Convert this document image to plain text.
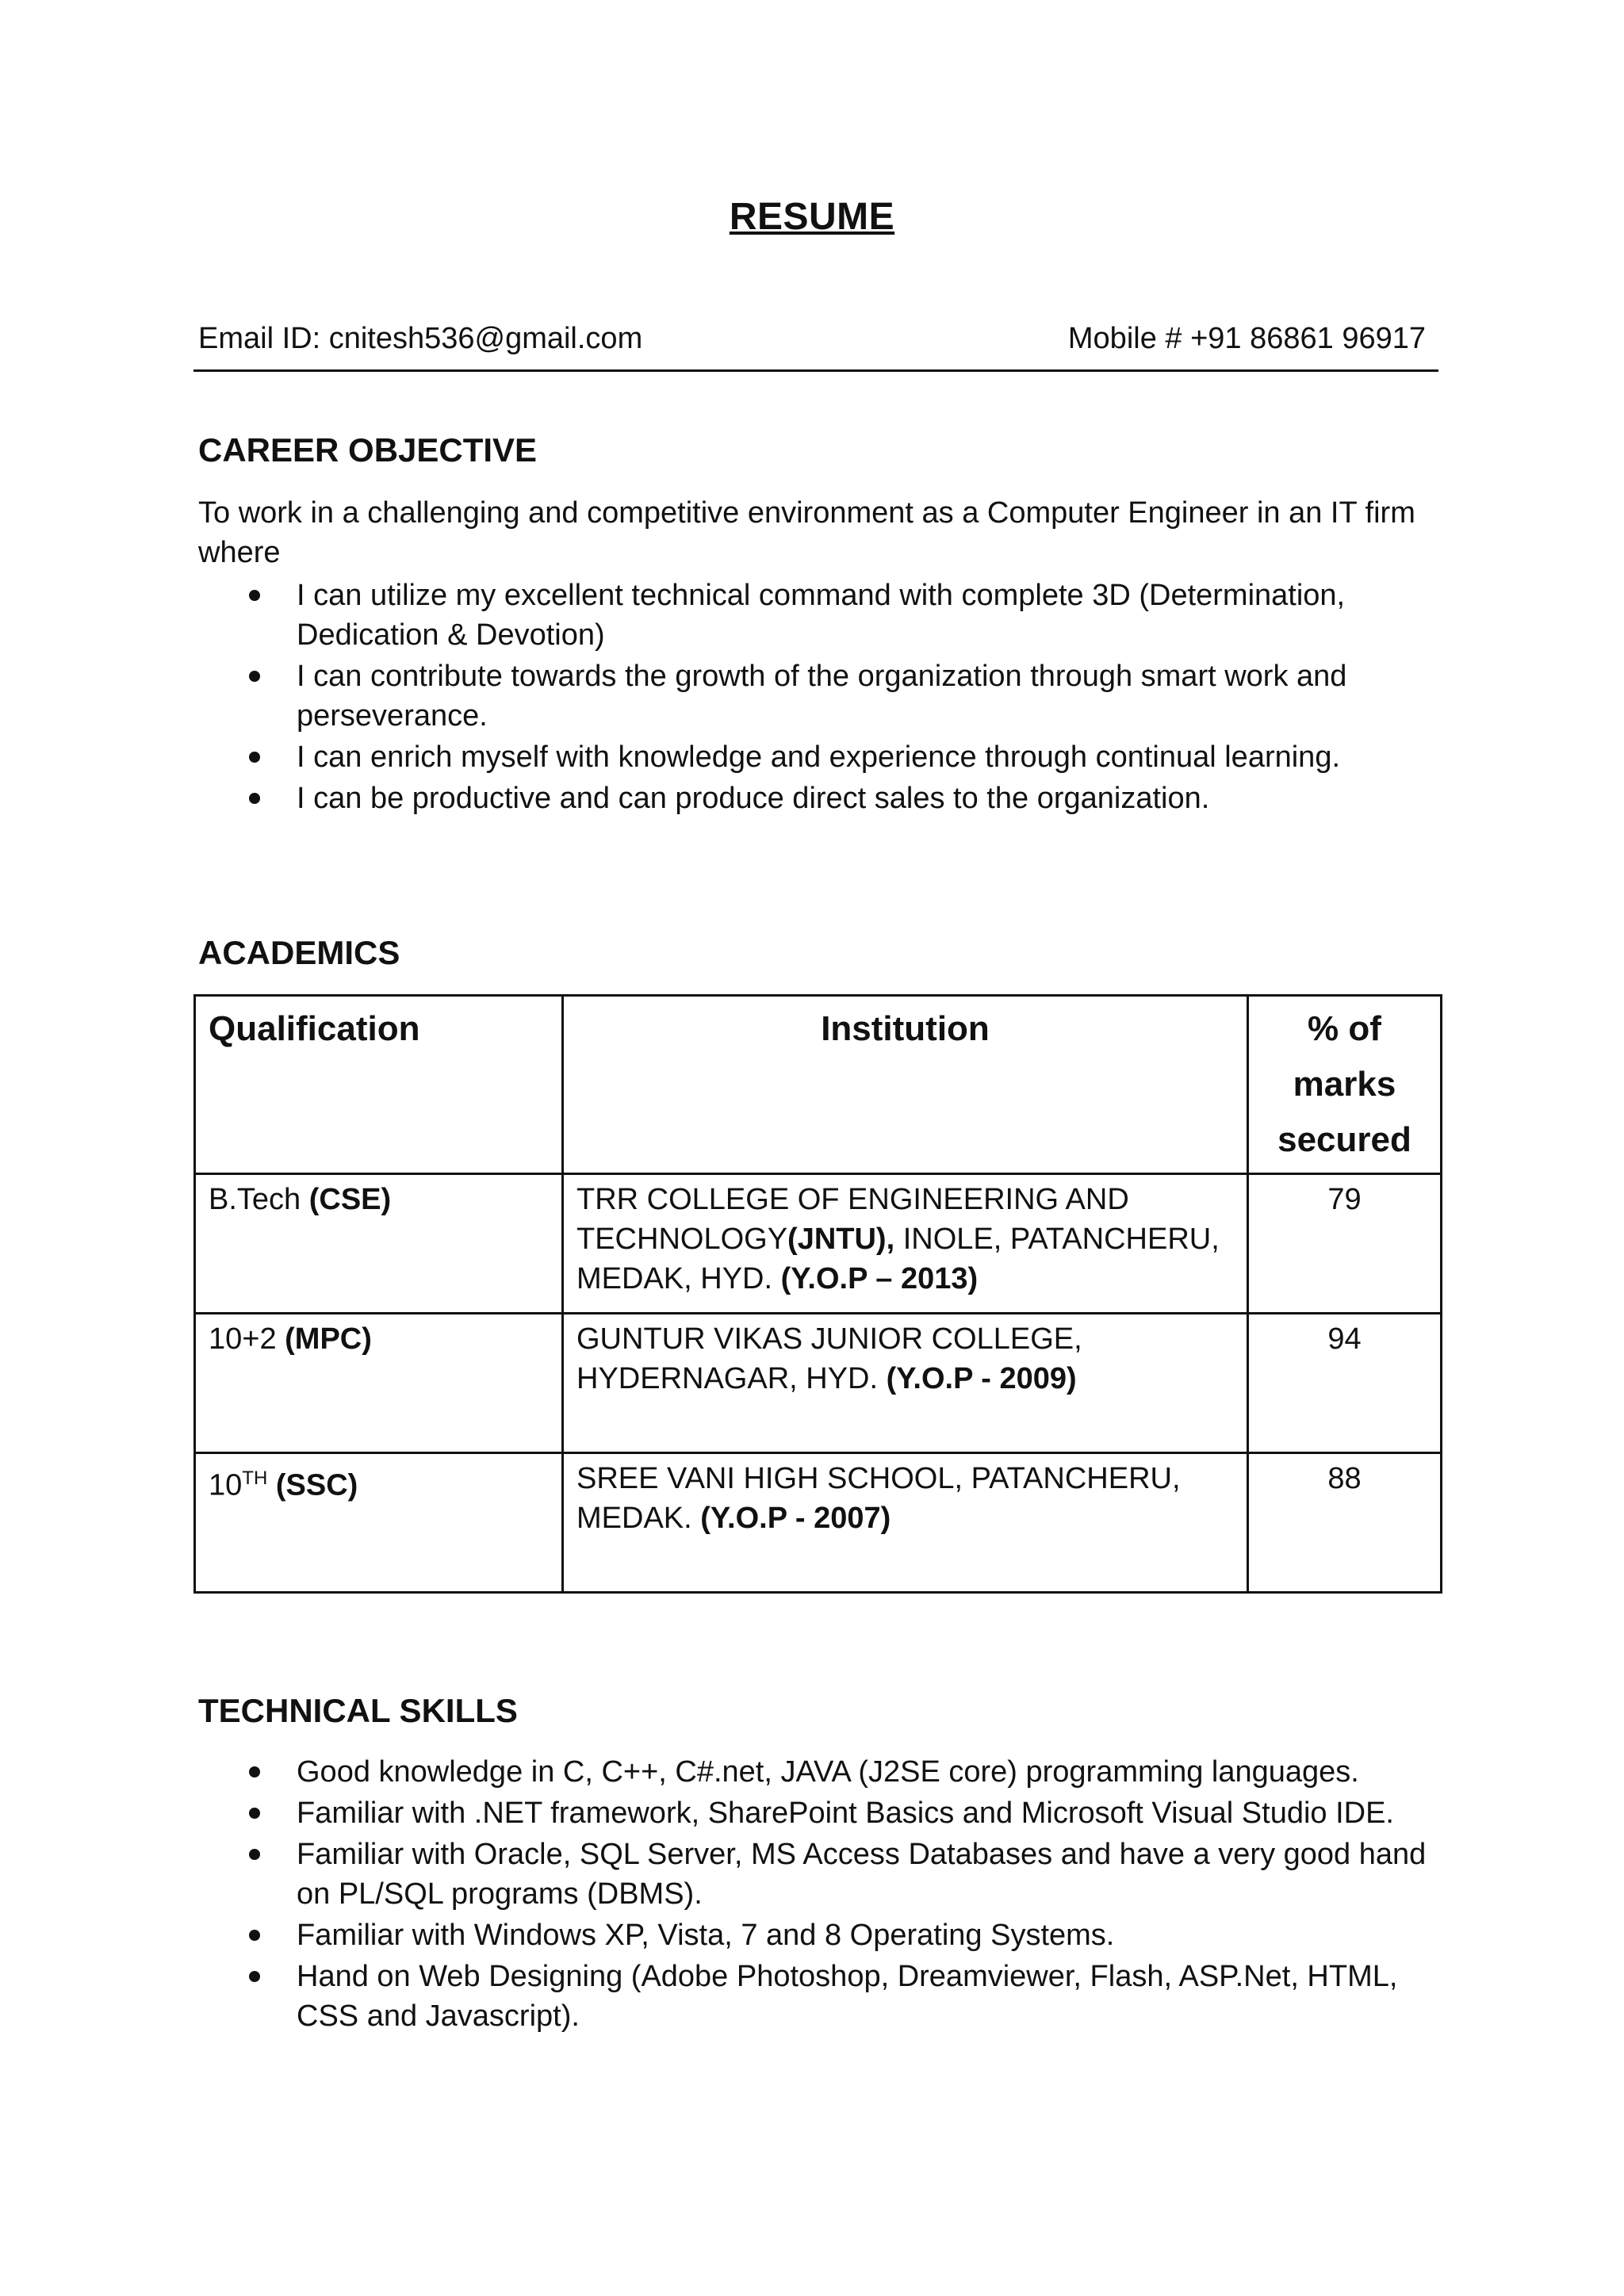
RESUME
Email ID: cnitesh536@gmail.com	Mobile # +91 86861 96917
CAREER OBJECTIVE
To work in a challenging and competitive environment as a Computer Engineer in an IT firm where
I can utilize my excellent technical command with complete 3D (Determination, Dedication & Devotion)
I can contribute towards the growth of the organization through smart work and perseverance.
I can enrich myself with knowledge and experience through continual learning.
I can be productive and can produce direct sales to the organization.
ACADEMICS
Qualification	Institution	% of marks secured
B.Tech (CSE)	TRR COLLEGE OF ENGINEERING AND TECHNOLOGY(JNTU), INOLE, PATANCHERU, MEDAK, HYD. (Y.O.P – 2013)	79
10+2 (MPC)	GUNTUR VIKAS JUNIOR COLLEGE, HYDERNAGAR, HYD. (Y.O.P - 2009)	94
10TH (SSC)	SREE VANI HIGH SCHOOL, PATANCHERU, MEDAK. (Y.O.P - 2007)	88
TECHNICAL SKILLS
Good knowledge in C, C++, C#.net, JAVA (J2SE core) programming languages.
Familiar with .NET framework, SharePoint Basics and Microsoft Visual Studio IDE.
Familiar with Oracle, SQL Server, MS Access Databases and have a very good hand on PL/SQL programs (DBMS).
Familiar with Windows XP, Vista, 7 and 8 Operating Systems.
Hand on Web Designing (Adobe Photoshop, Dreamviewer, Flash, ASP.Net, HTML, CSS and Javascript).
